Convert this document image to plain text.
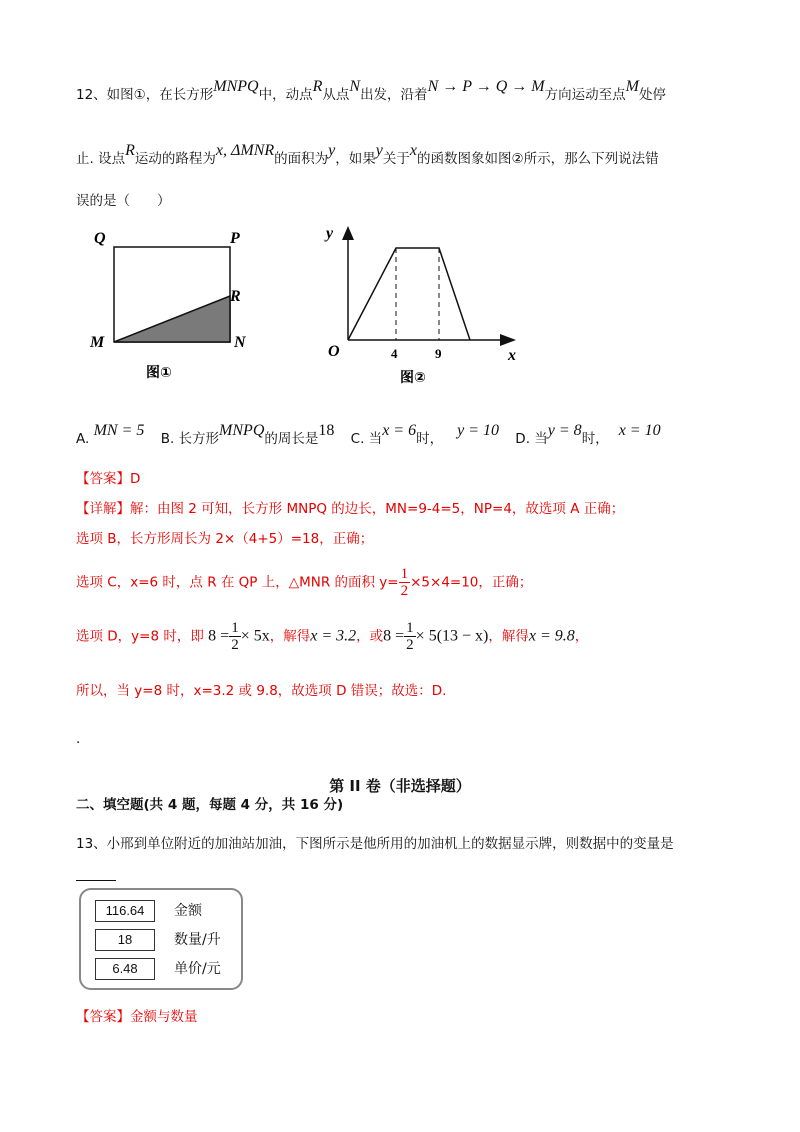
12、如图①，在长方形MNPQ中，动点R从点N出发，沿着N → P → Q → M方向运动至点M处停
止. 设点R运动的路程为x, ΔMNR的面积为y，如果y关于x的函数图象如图②所示，那么下列说法错
误的是（　　）
Q	P
R
M	N
图①
y
x
O	4	9
图②
A. MN = 5 B. 长方形MNPQ的周长是18 C. 当x = 6时， y = 10 D. 当y = 8时， x = 10
【答案】D
【详解】解：由图 2 可知，长方形 MNPQ 的边长，MN=9-4=5，NP=4，故选项 A 正确；
选项 B，长方形周长为 2×（4+5）=18，正确；
选项 C，x=6 时，点 R 在 QP 上，△MNR 的面积 $y= \frac{1}{2} \times 5\times 4=10$，正确；
选项 D，y=8 时，即 $8 = \frac{1}{2} \times 5x$，解得x = 3.2，或$8 = \frac{1}{2} \times 5(13 - x)$，解得x = 9.8，
所以，当 y=8 时，x=3.2 或 9.8，故选项 D 错误；故选：D.
.
第 II 卷（非选择题）
二、填空题(共 4 题，每题 4 分，共 16 分)
13、小邢到单位附近的加油站加油，下图所示是他所用的加油机上的数据显示牌，则数据中的变量是
116.64	金额
18	数量/升
6.48	单价/元
【答案】金额与数量
